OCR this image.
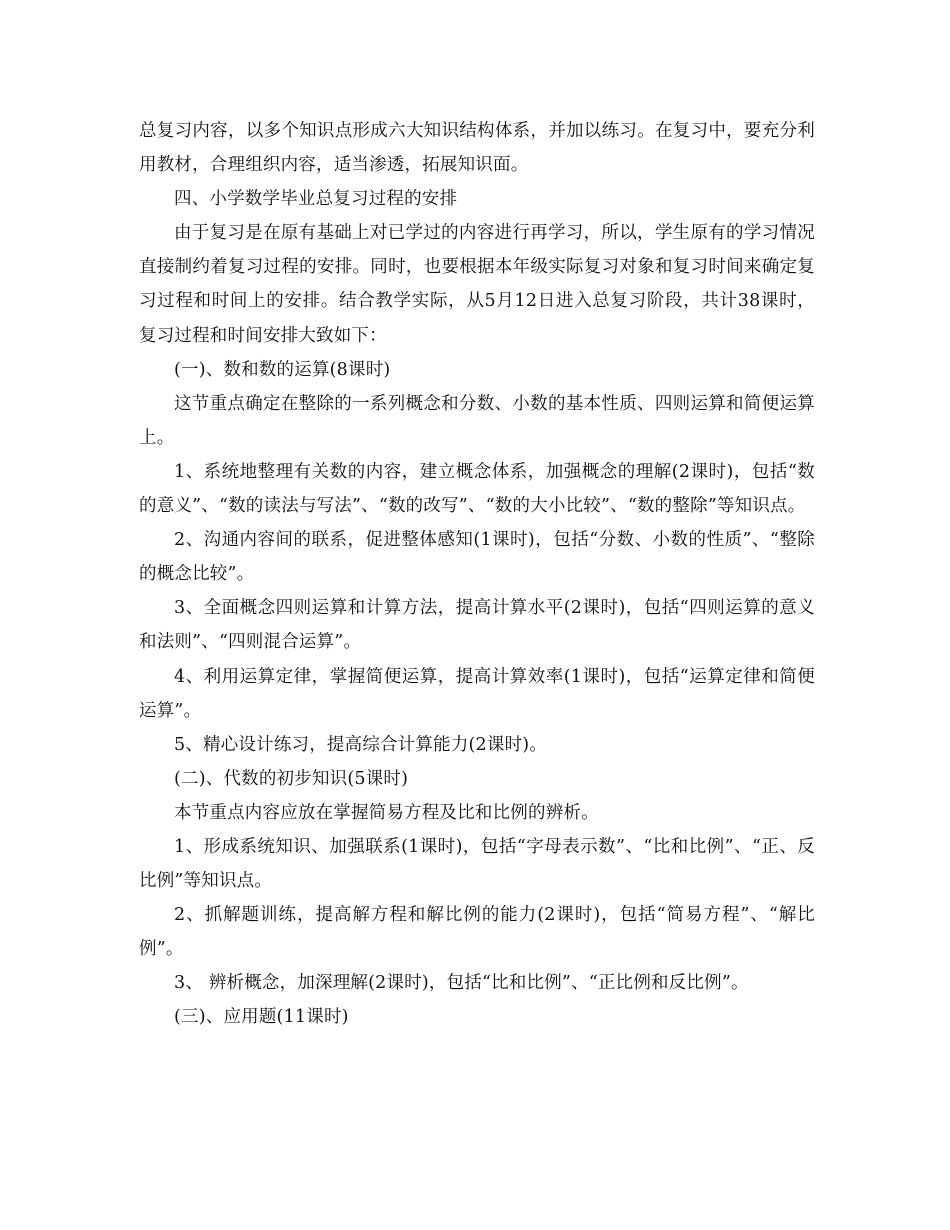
总复习内容，以多个知识点形成六大知识结构体系，并加以练习。在复习中，要充分利用教材，合理组织内容，适当渗透，拓展知识面。

四、小学数学毕业总复习过程的安排

由于复习是在原有基础上对已学过的内容进行再学习，所以，学生原有的学习情况直接制约着复习过程的安排。同时，也要根据本年级实际复习对象和复习时间来确定复习过程和时间上的安排。结合教学实际，从5月12日进入总复习阶段，共计38课时，复习过程和时间安排大致如下：

(一)、数和数的运算(8课时)

这节重点确定在整除的一系列概念和分数、小数的基本性质、四则运算和简便运算上。

1、系统地整理有关数的内容，建立概念体系，加强概念的理解(2课时)，包括“数的意义”、“数的读法与写法”、“数的改写”、“数的大小比较”、“数的整除”等知识点。

2、沟通内容间的联系，促进整体感知(1课时)，包括“分数、小数的性质”、“整除的概念比较”。

3、全面概念四则运算和计算方法，提高计算水平(2课时)，包括“四则运算的意义和法则”、“四则混合运算”。

4、利用运算定律，掌握简便运算，提高计算效率(1课时)，包括“运算定律和简便运算”。

5、精心设计练习，提高综合计算能力(2课时)。

(二)、代数的初步知识(5课时)

本节重点内容应放在掌握简易方程及比和比例的辨析。

1、形成系统知识、加强联系(1课时)，包括“字母表示数”、“比和比例”、“正、反比例”等知识点。

2、抓解题训练，提高解方程和解比例的能力(2课时)，包括“简易方程”、“解比例”。

3、 辨析概念，加深理解(2课时)，包括“比和比例”、“正比例和反比例”。

(三)、应用题(11课时)
